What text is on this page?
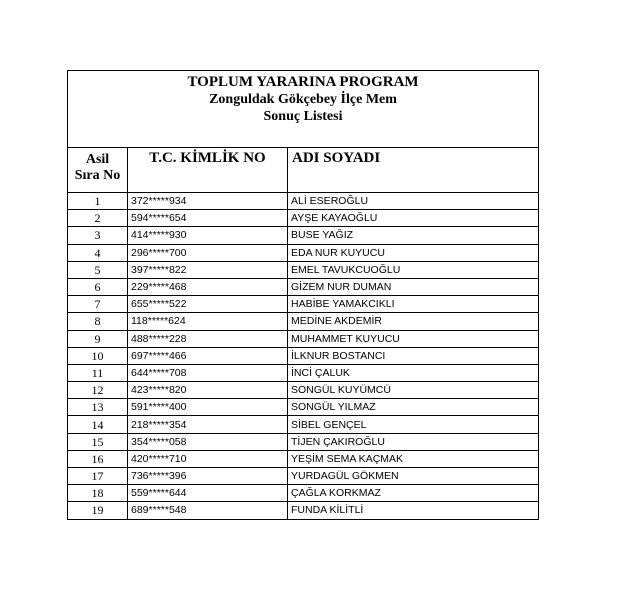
TOPLUM YARARINA PROGRAM
Zonguldak Gökçebey İlçe Mem
Sonuç Listesi		

Asil
Sıra No	T.C. KİMLİK NO	ADI SOYADI
1	372*****934	ALİ ESEROĞLU
2	594*****654	AYŞE KAYAOĞLU
3	414*****930	BUSE YAĞIZ
4	296*****700	EDA NUR KUYUCU
5	397*****822	EMEL TAVUKCUOĞLU
6	229*****468	GİZEM NUR DUMAN
7	655*****522	HABİBE YAMAKCIKLI
8	118*****624	MEDİNE AKDEMİR
9	488*****228	MUHAMMET KUYUCU
10	697*****466	İLKNUR BOSTANCI
11	644*****708	İNCİ ÇALUK
12	423*****820	SONGÜL KUYÜMCÜ
13	591*****400	SONGÜL YILMAZ
14	218*****354	SİBEL GENÇEL
15	354*****058	TİJEN ÇAKIROĞLU
16	420*****710	YEŞİM SEMA KAÇMAK
17	736*****396	YURDAGÜL GÖKMEN
18	559*****644	ÇAĞLA KORKMAZ
19	689*****548	FUNDA KİLİTLİ
